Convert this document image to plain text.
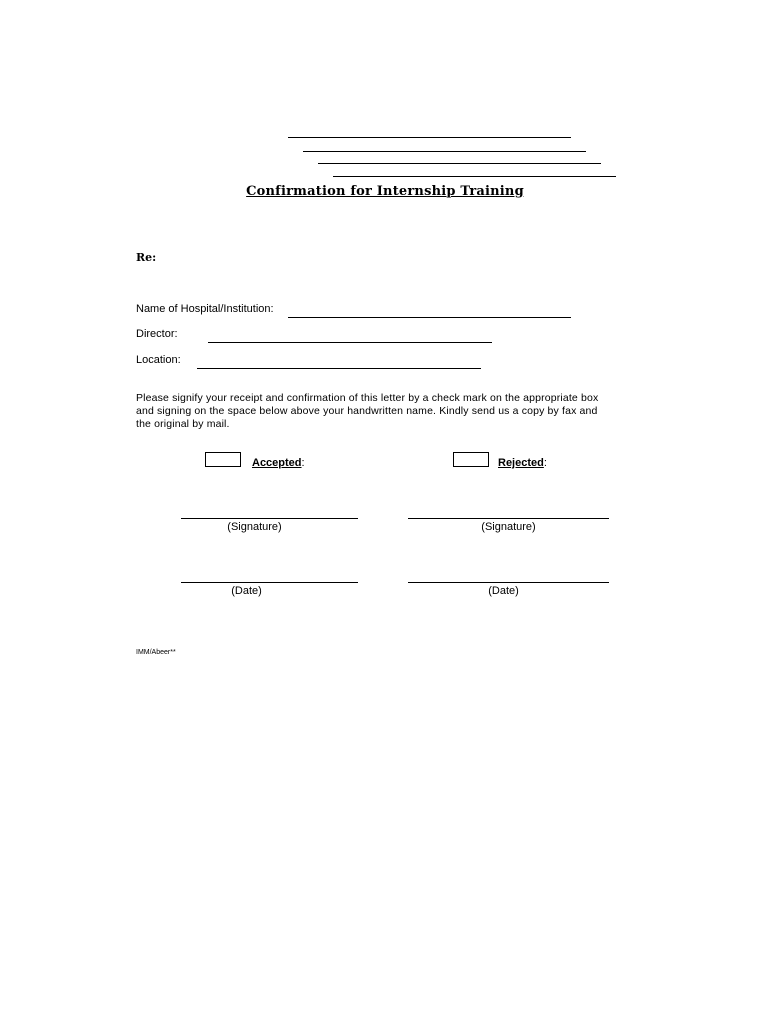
Confirmation for Internship Training
Re:
Name of Hospital/Institution:
Director:
Location:
Please signify your receipt and confirmation of this letter by a check mark on the appropriate box
and signing on the space below above your handwritten name. Kindly send us a copy by fax and
the original by mail.
Accepted:	Rejected:
(Signature)	(Signature)
(Date)	(Date)
IMM/Abeer**
